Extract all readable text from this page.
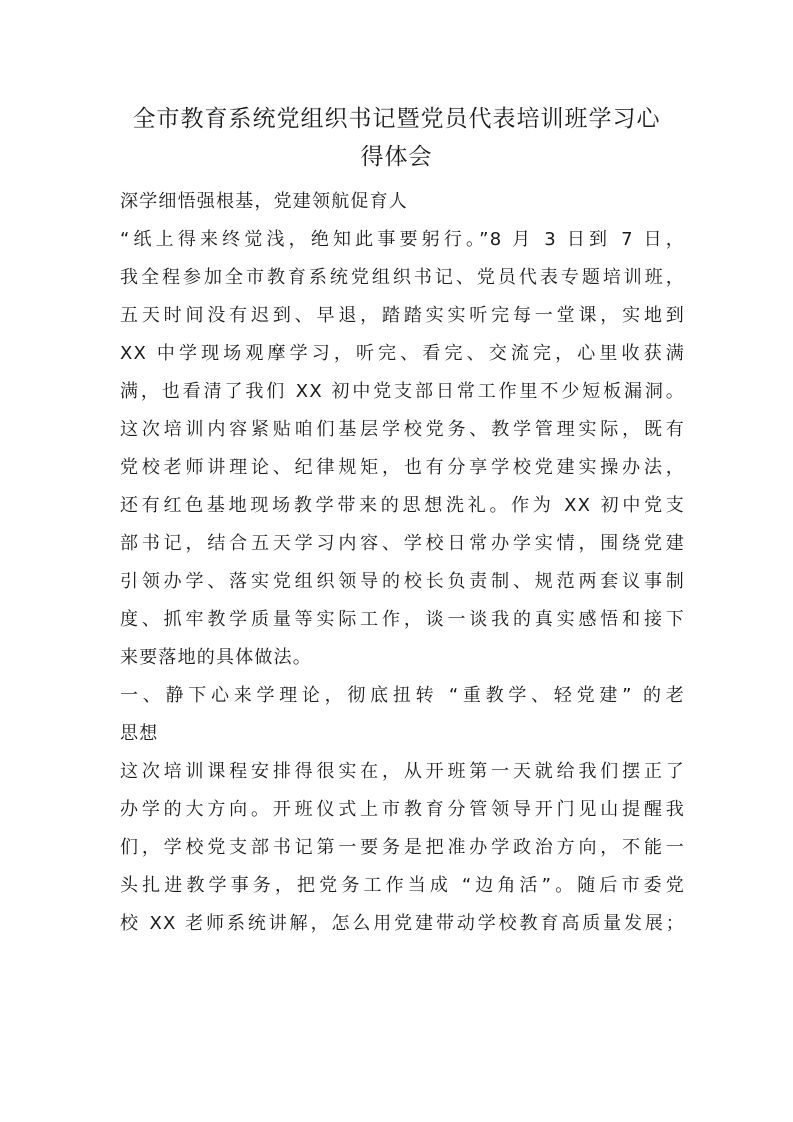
全市教育系统党组织书记暨党员代表培训班学习心
得体会
深学细悟强根基，党建领航促育人
“纸上得来终觉浅，绝知此事要躬行。”8 月 3 日到 7 日，
我全程参加全市教育系统党组织书记、党员代表专题培训班，
五天时间没有迟到、早退，踏踏实实听完每一堂课，实地到
XX 中学现场观摩学习，听完、看完、交流完，心里收获满
满，也看清了我们 XX 初中党支部日常工作里不少短板漏洞。
这次培训内容紧贴咱们基层学校党务、教学管理实际，既有
党校老师讲理论、纪律规矩，也有分享学校党建实操办法，
还有红色基地现场教学带来的思想洗礼。作为 XX 初中党支
部书记，结合五天学习内容、学校日常办学实情，围绕党建
引领办学、落实党组织领导的校长负责制、规范两套议事制
度、抓牢教学质量等实际工作，谈一谈我的真实感悟和接下
来要落地的具体做法。
一、静下心来学理论，彻底扭转 “重教学、轻党建” 的老
思想
这次培训课程安排得很实在，从开班第一天就给我们摆正了
办学的大方向。开班仪式上市教育分管领导开门见山提醒我
们，学校党支部书记第一要务是把准办学政治方向，不能一
头扎进教学事务，把党务工作当成 “边角活”。随后市委党
校 XX 老师系统讲解，怎么用党建带动学校教育高质量发展；
